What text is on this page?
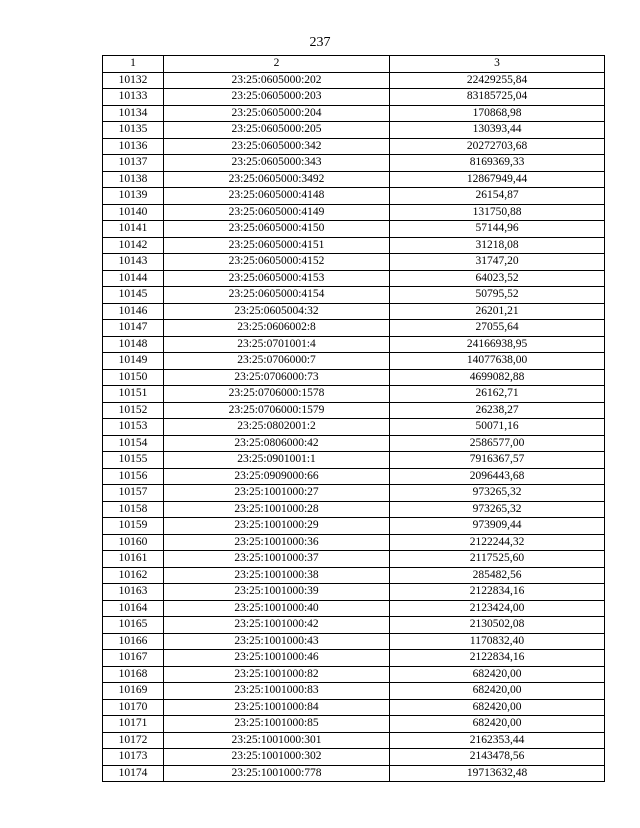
237
1	2	3
10132	23:25:0605000:202	22429255,84
10133	23:25:0605000:203	83185725,04
10134	23:25:0605000:204	170868,98
10135	23:25:0605000:205	130393,44
10136	23:25:0605000:342	20272703,68
10137	23:25:0605000:343	8169369,33
10138	23:25:0605000:3492	12867949,44
10139	23:25:0605000:4148	26154,87
10140	23:25:0605000:4149	131750,88
10141	23:25:0605000:4150	57144,96
10142	23:25:0605000:4151	31218,08
10143	23:25:0605000:4152	31747,20
10144	23:25:0605000:4153	64023,52
10145	23:25:0605000:4154	50795,52
10146	23:25:0605004:32	26201,21
10147	23:25:0606002:8	27055,64
10148	23:25:0701001:4	24166938,95
10149	23:25:0706000:7	14077638,00
10150	23:25:0706000:73	4699082,88
10151	23:25:0706000:1578	26162,71
10152	23:25:0706000:1579	26238,27
10153	23:25:0802001:2	50071,16
10154	23:25:0806000:42	2586577,00
10155	23:25:0901001:1	7916367,57
10156	23:25:0909000:66	2096443,68
10157	23:25:1001000:27	973265,32
10158	23:25:1001000:28	973265,32
10159	23:25:1001000:29	973909,44
10160	23:25:1001000:36	2122244,32
10161	23:25:1001000:37	2117525,60
10162	23:25:1001000:38	285482,56
10163	23:25:1001000:39	2122834,16
10164	23:25:1001000:40	2123424,00
10165	23:25:1001000:42	2130502,08
10166	23:25:1001000:43	1170832,40
10167	23:25:1001000:46	2122834,16
10168	23:25:1001000:82	682420,00
10169	23:25:1001000:83	682420,00
10170	23:25:1001000:84	682420,00
10171	23:25:1001000:85	682420,00
10172	23:25:1001000:301	2162353,44
10173	23:25:1001000:302	2143478,56
10174	23:25:1001000:778	19713632,48
